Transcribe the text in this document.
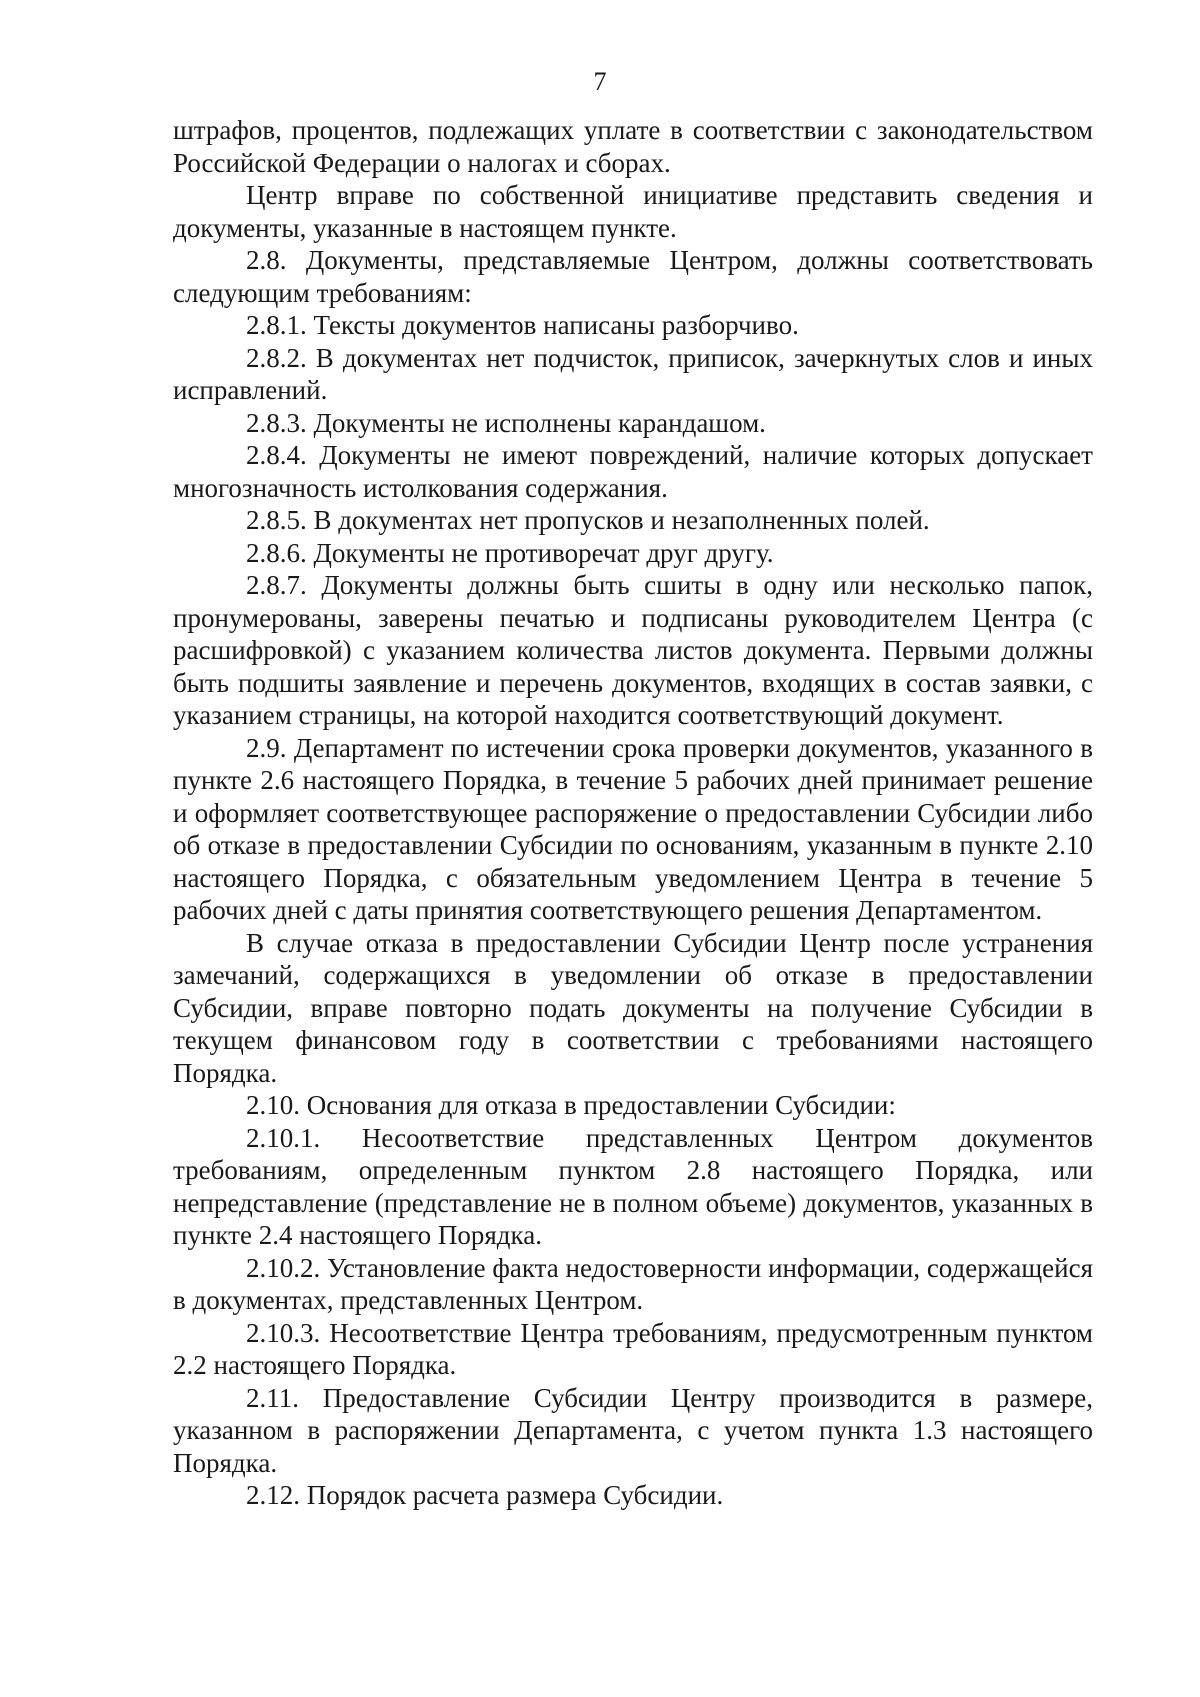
7

штрафов, процентов, подлежащих уплате в соответствии с законодательством Российской Федерации о налогах и сборах.

Центр вправе по собственной инициативе представить сведения и документы, указанные в настоящем пункте.

2.8. Документы, представляемые Центром, должны соответствовать следующим требованиям:

2.8.1. Тексты документов написаны разборчиво.

2.8.2. В документах нет подчисток, приписок, зачеркнутых слов и иных исправлений.

2.8.3. Документы не исполнены карандашом.

2.8.4. Документы не имеют повреждений, наличие которых допускает многозначность истолкования содержания.

2.8.5. В документах нет пропусков и незаполненных полей.

2.8.6. Документы не противоречат друг другу.

2.8.7. Документы должны быть сшиты в одну или несколько папок, пронумерованы, заверены печатью и подписаны руководителем Центра (с расшифровкой) с указанием количества листов документа. Первыми должны быть подшиты заявление и перечень документов, входящих в состав заявки, с указанием страницы, на которой находится соответствующий документ.

2.9. Департамент по истечении срока проверки документов, указанного в пункте 2.6 настоящего Порядка, в течение 5 рабочих дней принимает решение и оформляет соответствующее распоряжение о предоставлении Субсидии либо об отказе в предоставлении Субсидии по основаниям, указанным в пункте 2.10 настоящего Порядка, с обязательным уведомлением Центра в течение 5 рабочих дней с даты принятия соответствующего решения Департаментом.

В случае отказа в предоставлении Субсидии Центр после устранения замечаний, содержащихся в уведомлении об отказе в предоставлении Субсидии, вправе повторно подать документы на получение Субсидии в текущем финансовом году в соответствии с требованиями настоящего Порядка.

2.10. Основания для отказа в предоставлении Субсидии:

2.10.1. Несоответствие представленных Центром документов требованиям, определенным пунктом 2.8 настоящего Порядка, или непредставление (представление не в полном объеме) документов, указанных в пункте 2.4 настоящего Порядка.

2.10.2. Установление факта недостоверности информации, содержащейся в документах, представленных Центром.

2.10.3. Несоответствие Центра требованиям, предусмотренным пунктом 2.2 настоящего Порядка.

2.11. Предоставление Субсидии Центру производится в размере, указанном в распоряжении Департамента, с учетом пункта 1.3 настоящего Порядка.

2.12. Порядок расчета размера Субсидии.
